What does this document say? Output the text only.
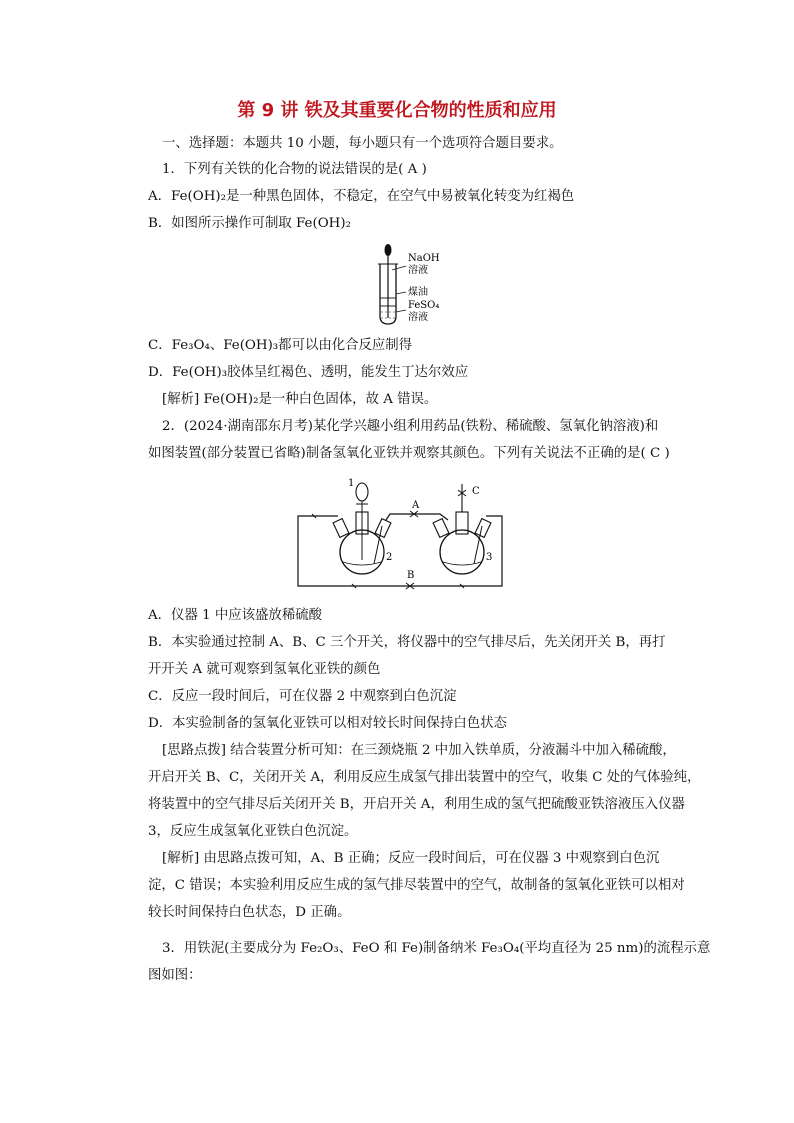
第 9 讲 铁及其重要化合物的性质和应用
一、选择题：本题共 10 小题，每小题只有一个选项符合题目要求。
1．下列有关铁的化合物的说法错误的是( A )
A．Fe(OH)₂是一种黑色固体，不稳定，在空气中易被氧化转变为红褐色
B．如图所示操作可制取 Fe(OH)₂
NaOH
溶液
煤油
FeSO₄
溶液
C．Fe₃O₄、Fe(OH)₃都可以由化合反应制得
D．Fe(OH)₃胶体呈红褐色、透明，能发生丁达尔效应
[解析] Fe(OH)₂是一种白色固体，故 A 错误。
2．(2024·湖南邵东月考)某化学兴趣小组利用药品(铁粉、稀硫酸、氢氧化钠溶液)和
如图装置(部分装置已省略)制备氢氧化亚铁并观察其颜色。下列有关说法不正确的是( C )
A
C
B
1
2	3
A．仪器 1 中应该盛放稀硫酸
B．本实验通过控制 A、B、C 三个开关，将仪器中的空气排尽后，先关闭开关 B，再打
开开关 A 就可观察到氢氧化亚铁的颜色
C．反应一段时间后，可在仪器 2 中观察到白色沉淀
D．本实验制备的氢氧化亚铁可以相对较长时间保持白色状态
[思路点拨] 结合装置分析可知：在三颈烧瓶 2 中加入铁单质，分液漏斗中加入稀硫酸，
开启开关 B、C，关闭开关 A，利用反应生成氢气排出装置中的空气，收集 C 处的气体验纯，
将装置中的空气排尽后关闭开关 B，开启开关 A，利用生成的氢气把硫酸亚铁溶液压入仪器
3，反应生成氢氧化亚铁白色沉淀。
[解析] 由思路点拨可知，A、B 正确；反应一段时间后，可在仪器 3 中观察到白色沉
淀，C 错误；本实验利用反应生成的氢气排尽装置中的空气，故制备的氢氧化亚铁可以相对
较长时间保持白色状态，D 正确。
3．用铁泥(主要成分为 Fe₂O₃、FeO 和 Fe)制备纳米 Fe₃O₄(平均直径为 25 nm)的流程示意
图如图：
